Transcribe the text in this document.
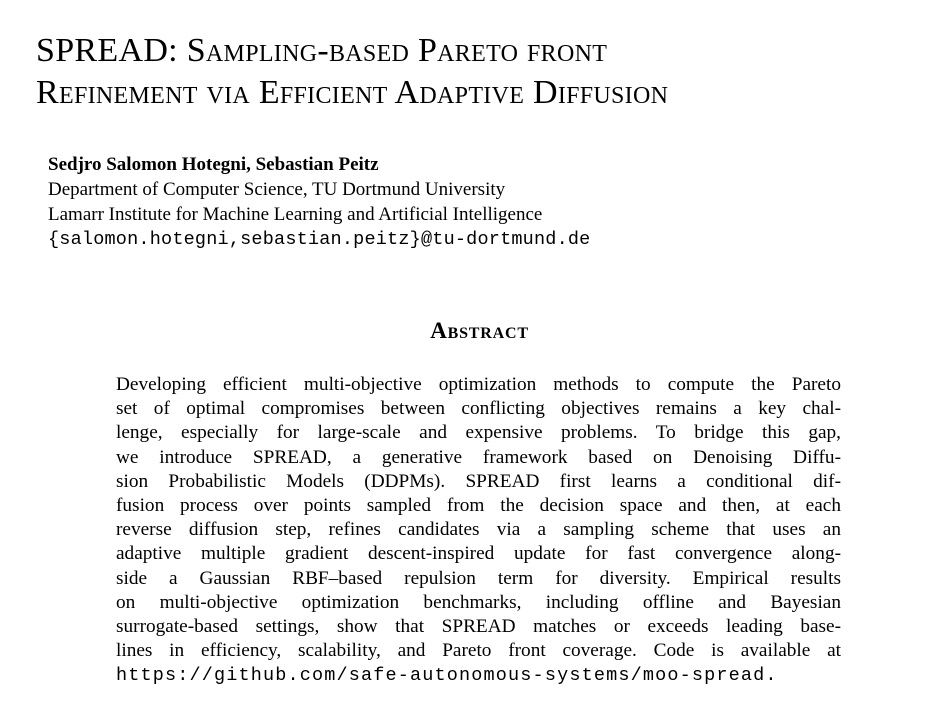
SPREAD: Sampling-based Pareto front
Refinement via Efficient Adaptive Diffusion
Sedjro Salomon Hotegni, Sebastian Peitz
Department of Computer Science, TU Dortmund University
Lamarr Institute for Machine Learning and Artificial Intelligence
{salomon.hotegni,sebastian.peitz}@tu-dortmund.de
Abstract
Developing efficient multi-objective optimization methods to compute the Pareto
set of optimal compromises between conflicting objectives remains a key chal-
lenge, especially for large-scale and expensive problems. To bridge this gap,
we introduce SPREAD, a generative framework based on Denoising Diffu-
sion Probabilistic Models (DDPMs). SPREAD first learns a conditional dif-
fusion process over points sampled from the decision space and then, at each
reverse diffusion step, refines candidates via a sampling scheme that uses an
adaptive multiple gradient descent-inspired update for fast convergence along-
side a Gaussian RBF–based repulsion term for diversity. Empirical results
on multi-objective optimization benchmarks, including offline and Bayesian
surrogate-based settings, show that SPREAD matches or exceeds leading base-
lines in efficiency, scalability, and Pareto front coverage. Code is available at
https://github.com/safe-autonomous-systems/moo-spread.
